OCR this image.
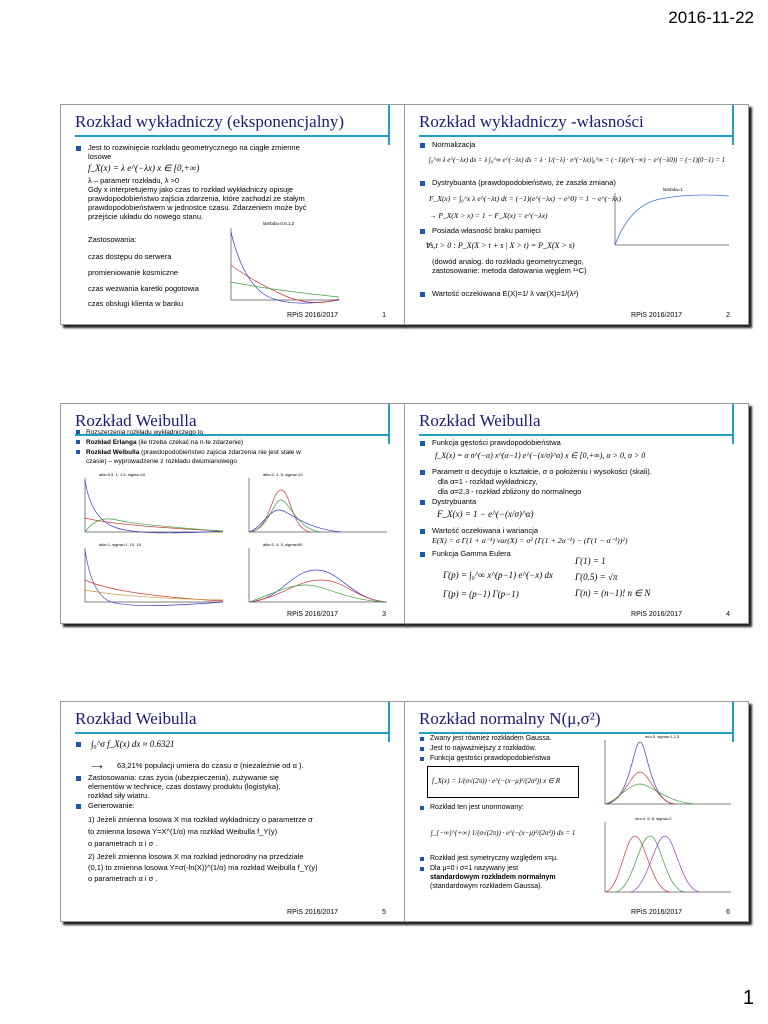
2016-11-22
1
Rozkład wykładniczy (eksponencjalny)
Jest to rozwinięcie rozkładu geometrycznego na ciągłe zmienne
losowe
f_X(x) = λ e^(−λx) x ∈ [0,+∞)
λ – parametr rozkładu, λ >0
Gdy x interpretujemy jako czas to rozkład wykładniczy opisuje
prawdopodobieństwo zajścia zdarzenia, które zachodzi ze stałym
prawdopodobieństwem w jednostce czasu. Zdarzeniem może być
przejście układu do nowego stanu.
Zastosowania:
czas dostępu do serwera
promieniowanie kosmiczne
czas wezwania karetki pogotowia
czas obsługi klienta w banku
lambda=0.5,1,2
RPiS 2016/2017	1
Rozkład wykładniczy -własności
Normalizacja
∫₀^∞ λ e^(−λx) dx = λ ∫₀^∞ e^(−λx) dx = λ · 1/(−λ) · e^(−λx)|₀^∞ = (−1)(e^(−∞) − e^(−λ0)) = (−1)(0−1) = 1
Dystrybuanta (prawdopodobieństwo, że zaszła zmiana)
F_X(x) = ∫₀^x λ e^(−λt) dt = (−1)(e^(−λx) − e^0) = 1 − e^(−λx)
→ P_X(X > x) = 1 − F_X(x) = e^(−λx)
Posiada własność braku pamięci
∀s,t > 0 : P_X(X > t + s | X > t) = P_X(X > s)
(dowód analog. do rozkładu geometrycznego,
zastosowanie: metoda datowania węglem ¹⁴C)
Wartość oczekiwana E(X)=1/ λ var(X)=1/(λ²)
lambda=1
RPiS 2016/2017	2
Rozkład Weibulla
Rozszerzenia rozkładu wykładniczego to
Rozkład Erlanga (ile trzeba czekać na n-te zdarzenie)
Rozkład Weibulla (prawdopodobieństwo zajścia zdarzenia nie jest stałe w
czasie) – wyprowadzenie z rozkładu dwumianowego
alfa=0.5, 1, 1.5, sigma=10	alfa=2, 4, 5, sigma=10
alfa=1, sigma=1, 10, 15	alfa=2, 4, 5, sigma=60
RPiS 2016/2017	3
Rozkład Weibulla
Funkcja gęstości prawdopodobieństwa
f_X(x) = α σ^(−α) x^(α−1) e^(−(x/σ)^α) x ∈ [0,+∞), α > 0, σ > 0
Parametr α decyduje o kształcie, σ o położeniu i wysokości (skali).
dla α=1 - rozkład wykładniczy,
dla α=2,3 - rozkład zbliżony do normalnego
Dystrybuanta
F_X(x) = 1 − e^(−(x/σ)^α)
Wartość oczekiwana i wariancja
E(X) = σ Γ(1 + α⁻¹) var(X) = σ² {Γ(1 + 2α⁻¹) − (Γ(1 − α⁻¹))²}
Funkcja Gamma Eulera
Γ(1) = 1
Γ(p) = ∫₀^∞ x^(p−1) e^(−x) dx Γ(0.5) = √π
Γ(p) = (p−1) Γ(p−1)	Γ(n) = (n−1)! n ∈ N
RPiS 2016/2017	4
Rozkład Weibulla
∫₀^σ f_X(x) dx ≈ 0.6321
⟶ 63,21% populacji umiera do czasu σ (niezależnie od α ).
Zastosowania: czas życia (ubezpieczenia), zużywanie się
elementów w technice, czas dostawy produktu (logistyka),
rozkład siły wiatru.
Generowanie:
1) Jeżeli zmienna losowa X ma rozkład wykładniczy o parametrze σ
to zmienna losowa Y=X^(1/α) ma rozkład Weibulla f_Y(y)
o parametrach α i σ .
2) Jeżeli zmienna losowa X ma rozkład jednorodny na przedziale
(0,1) to zmienna losowa Y=σ(-ln(X))^(1/α) ma rozkład Weibulla f_Y(y)
o parametrach α i σ .
RPiS 2016/2017	5
Rozkład normalny N(μ,σ²)
Zwany jest również rozkładem Gaussa.
Jest to najważniejszy z rozkładów.
Funkcja gęstości prawdopodobieństwa
f_X(x) = 1/(σ√(2π)) · e^(−(x−μ)²/(2σ²)) x ∈ R
Rozkład ten jest unormowany:
∫_{−∞}^{+∞} 1/(σ√(2π)) · e^(−(x−μ)²/(2σ²)) dx = 1
Rozkład jest symetryczny względem x=μ.
Dla μ=0 i σ=1 nazywany jest
standardowym rozkładem normalnym
(standardowym rozkładem Gaussa).
mu=5, sigma=1,2,3
mu=4, 6, 8, sigma=2
RPiS 2016/2017	6
